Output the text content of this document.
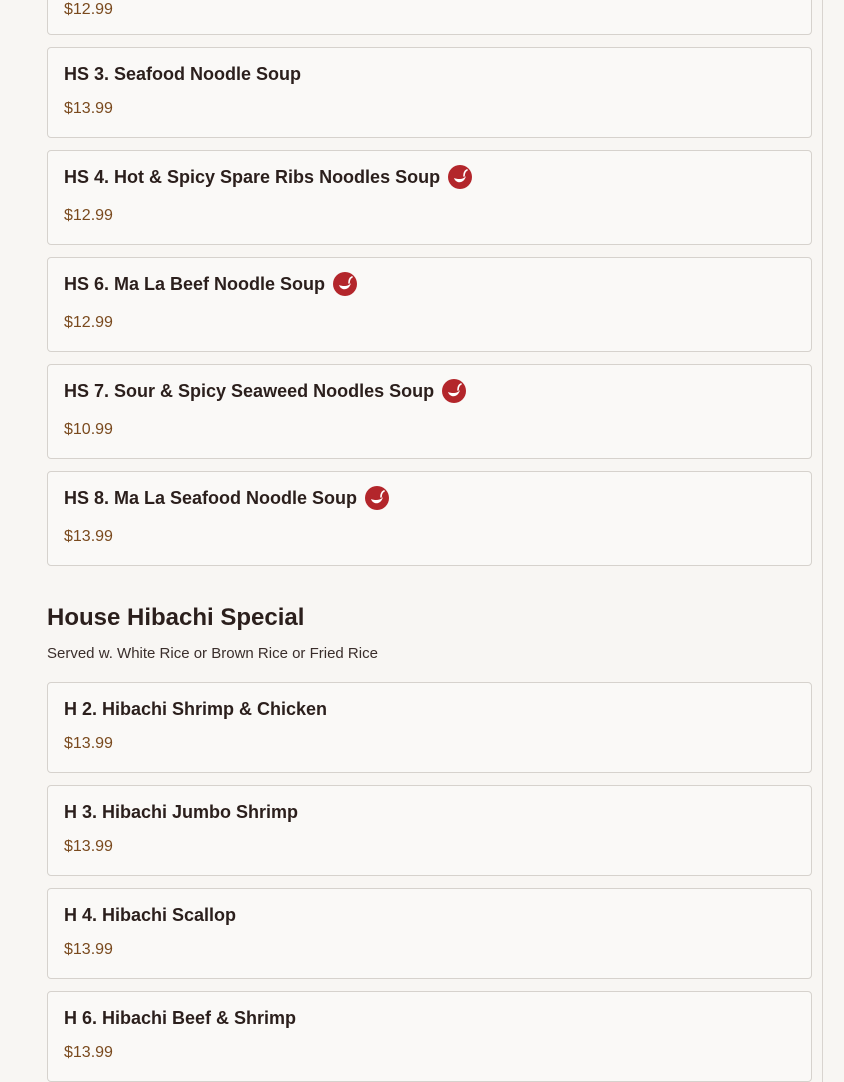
$12.99
HS 3. Seafood Noodle Soup
$13.99
HS 4. Hot & Spicy Spare Ribs Noodles Soup
$12.99
HS 6. Ma La Beef Noodle Soup
$12.99
HS 7. Sour & Spicy Seaweed Noodles Soup
$10.99
HS 8. Ma La Seafood Noodle Soup
$13.99
House Hibachi Special
Served w. White Rice or Brown Rice or Fried Rice
H 2. Hibachi Shrimp & Chicken
$13.99
H 3. Hibachi Jumbo Shrimp
$13.99
H 4. Hibachi Scallop
$13.99
H 6. Hibachi Beef & Shrimp
$13.99
